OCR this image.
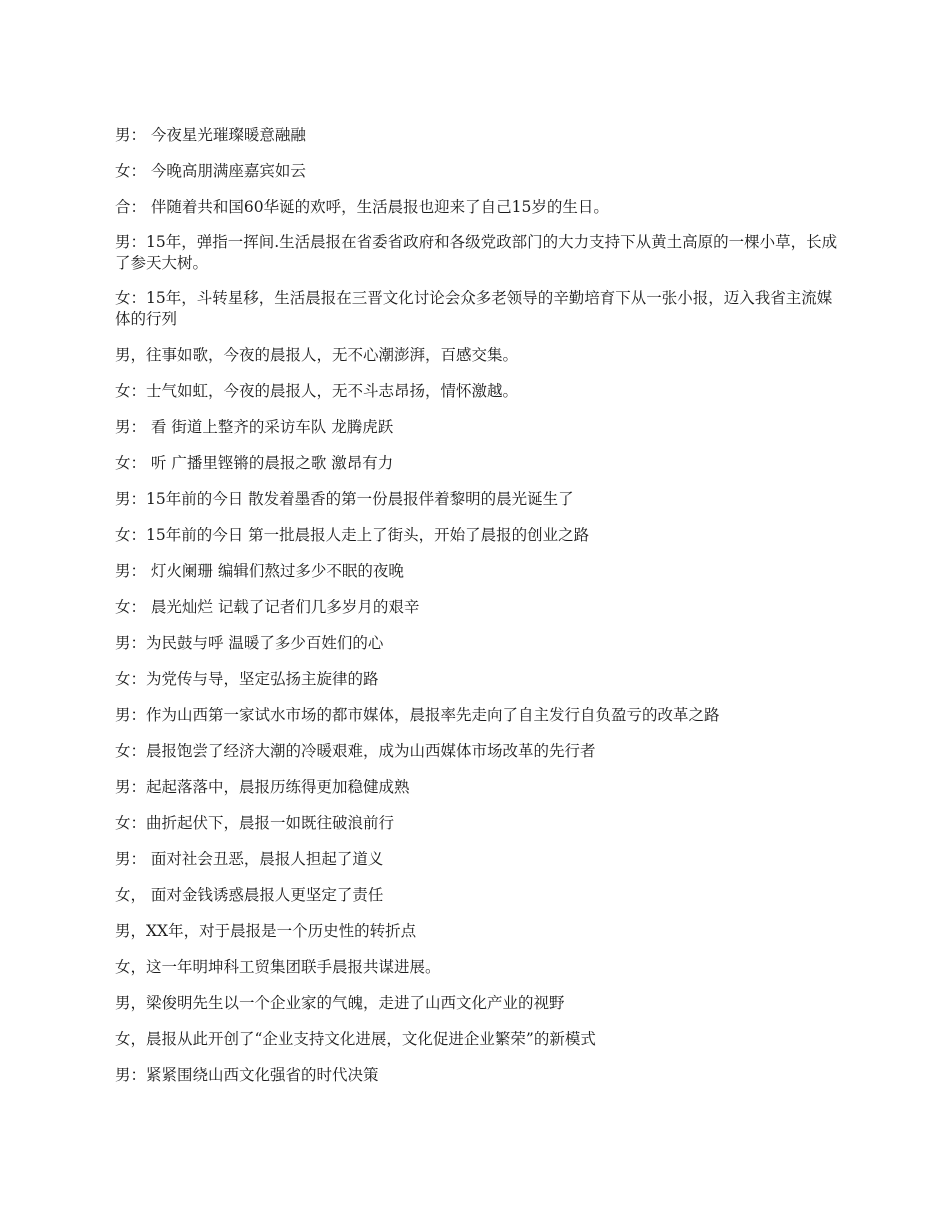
男： 今夜星光璀璨暖意融融

女： 今晚高朋满座嘉宾如云

合： 伴随着共和国60华诞的欢呼，生活晨报也迎来了自己15岁的生日。

男：15年，弹指一挥间.生活晨报在省委省政府和各级党政部门的大力支持下从黄土高原的一棵小草，长成了参天大树。

女：15年，斗转星移，生活晨报在三晋文化讨论会众多老领导的辛勤培育下从一张小报，迈入我省主流媒体的行列

男，往事如歌，今夜的晨报人，无不心潮澎湃，百感交集。

女：士气如虹，今夜的晨报人，无不斗志昂扬，情怀激越。

男： 看 街道上整齐的采访车队 龙腾虎跃

女： 听 广播里铿锵的晨报之歌 激昂有力

男：15年前的今日 散发着墨香的第一份晨报伴着黎明的晨光诞生了

女：15年前的今日 第一批晨报人走上了街头，开始了晨报的创业之路

男： 灯火阑珊 编辑们熬过多少不眠的夜晚

女： 晨光灿烂 记载了记者们几多岁月的艰辛

男：为民鼓与呼 温暖了多少百姓们的心

女：为党传与导，坚定弘扬主旋律的路

男：作为山西第一家试水市场的都市媒体，晨报率先走向了自主发行自负盈亏的改革之路

女：晨报饱尝了经济大潮的冷暖艰难，成为山西媒体市场改革的先行者

男：起起落落中，晨报历练得更加稳健成熟

女：曲折起伏下，晨报一如既往破浪前行

男： 面对社会丑恶，晨报人担起了道义

女， 面对金钱诱惑晨报人更坚定了责任

男，XX年，对于晨报是一个历史性的转折点

女，这一年明坤科工贸集团联手晨报共谋进展。

男，梁俊明先生以一个企业家的气魄，走进了山西文化产业的视野

女，晨报从此开创了“企业支持文化进展，文化促进企业繁荣”的新模式

男：紧紧围绕山西文化强省的时代决策
